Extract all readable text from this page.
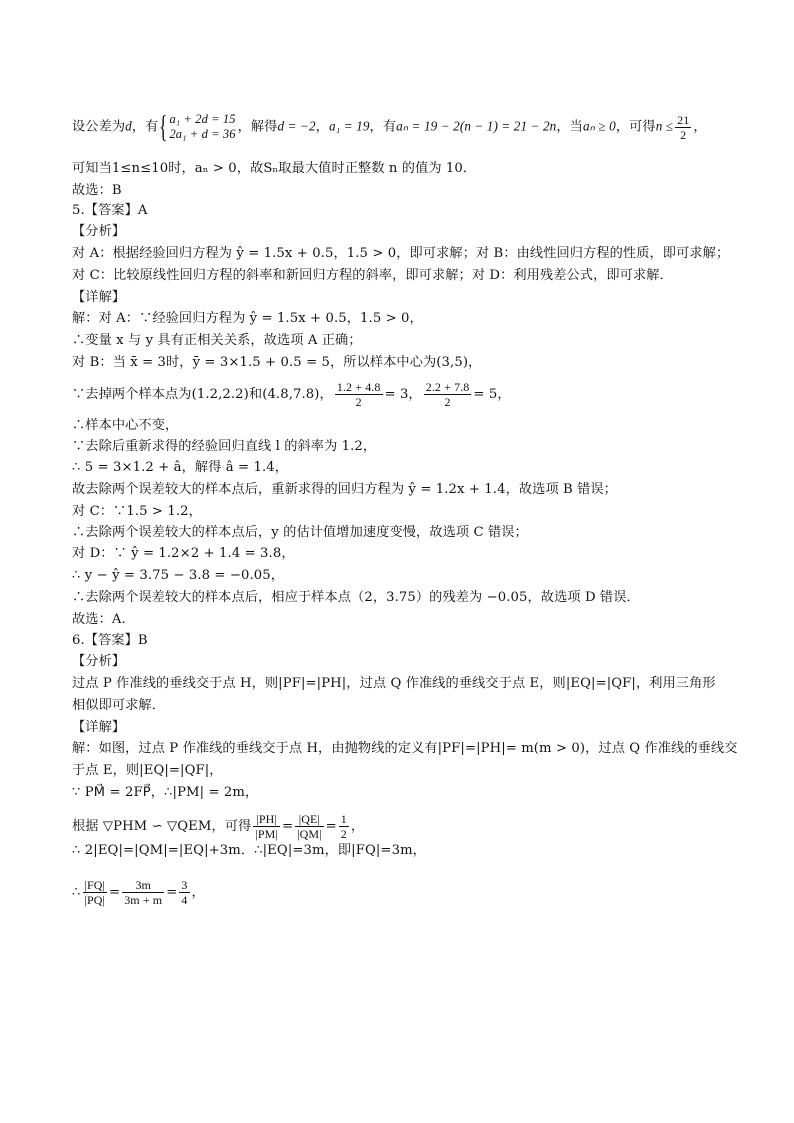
设公差为d，有 { a₁ + 2d = 15
2a₁ + d = 36 ，解得d = −2，a₁ = 19，有aₙ = 19 − 2(n − 1) = 21 − 2n，当aₙ ≥ 0，可得$n \le \frac{21}{2}$ ，
可知当1≤n≤10时，aₙ > 0，故Sₙ取最大值时正整数 n 的值为 10．
故选：B
5.【答案】A
【分析】
对 A：根据经验回归方程为 ŷ = 1.5x + 0.5，1.5 > 0，即可求解；对 B：由线性回归方程的性质，即可求解；
对 C：比较原线性回归方程的斜率和新回归方程的斜率，即可求解；对 D：利用残差公式，即可求解．
【详解】
解：对 A：∵经验回归方程为 ŷ = 1.5x + 0.5，1.5 > 0，
∴变量 x 与 y 具有正相关关系，故选项 A 正确；
对 B：当 x̄ = 3时，ȳ = 3×1.5 + 0.5 = 5，所以样本中心为(3,5)，
∵去掉两个样本点为(1.2,2.2)和(4.8,7.8)， $\frac{1.2 + 4.8}{2} = 3$， $\frac{2.2 + 7.8}{2} = 5$，
∴样本中心不变，
∵去除后重新求得的经验回归直线 l 的斜率为 1.2，
∴ 5 = 3×1.2 + â，解得 â = 1.4，
故去除两个误差较大的样本点后，重新求得的回归方程为 ŷ = 1.2x + 1.4，故选项 B 错误；
对 C：∵1.5 > 1.2，
∴去除两个误差较大的样本点后，y 的估计值增加速度变慢，故选项 C 错误；
对 D：∵ ŷ = 1.2×2 + 1.4 = 3.8，
∴ y − ŷ = 3.75 − 3.8 = −0.05，
∴去除两个误差较大的样本点后，相应于样本点（2，3.75）的残差为 −0.05，故选项 D 错误．
故选：A.
6.【答案】B
【分析】
过点 P 作准线的垂线交于点 H，则|PF|=|PH|，过点 Q 作准线的垂线交于点 E，则|EQ|=|QF|，利用三角形
相似即可求解．
【详解】
解：如图，过点 P 作准线的垂线交于点 H，由抛物线的定义有|PF|=|PH|= m(m > 0)，过点 Q 作准线的垂线交
于点 E，则|EQ|=|QF|，
∵ PM⃗ = 2FP⃗，∴|PM| = 2m，
根据 ▽PHM ∽ ▽QEM，可得 $\frac{|PH|}{|PM|} = \frac{|QE|}{|QM|} = \frac{1}{2}$ ，
∴ 2|EQ|=|QM|=|EQ|+3m．∴|EQ|=3m，即|FQ|=3m，
∴ $\frac{|FQ|}{|PQ|} = \frac{3m}{3m + m} = \frac{3}{4}$ ，
